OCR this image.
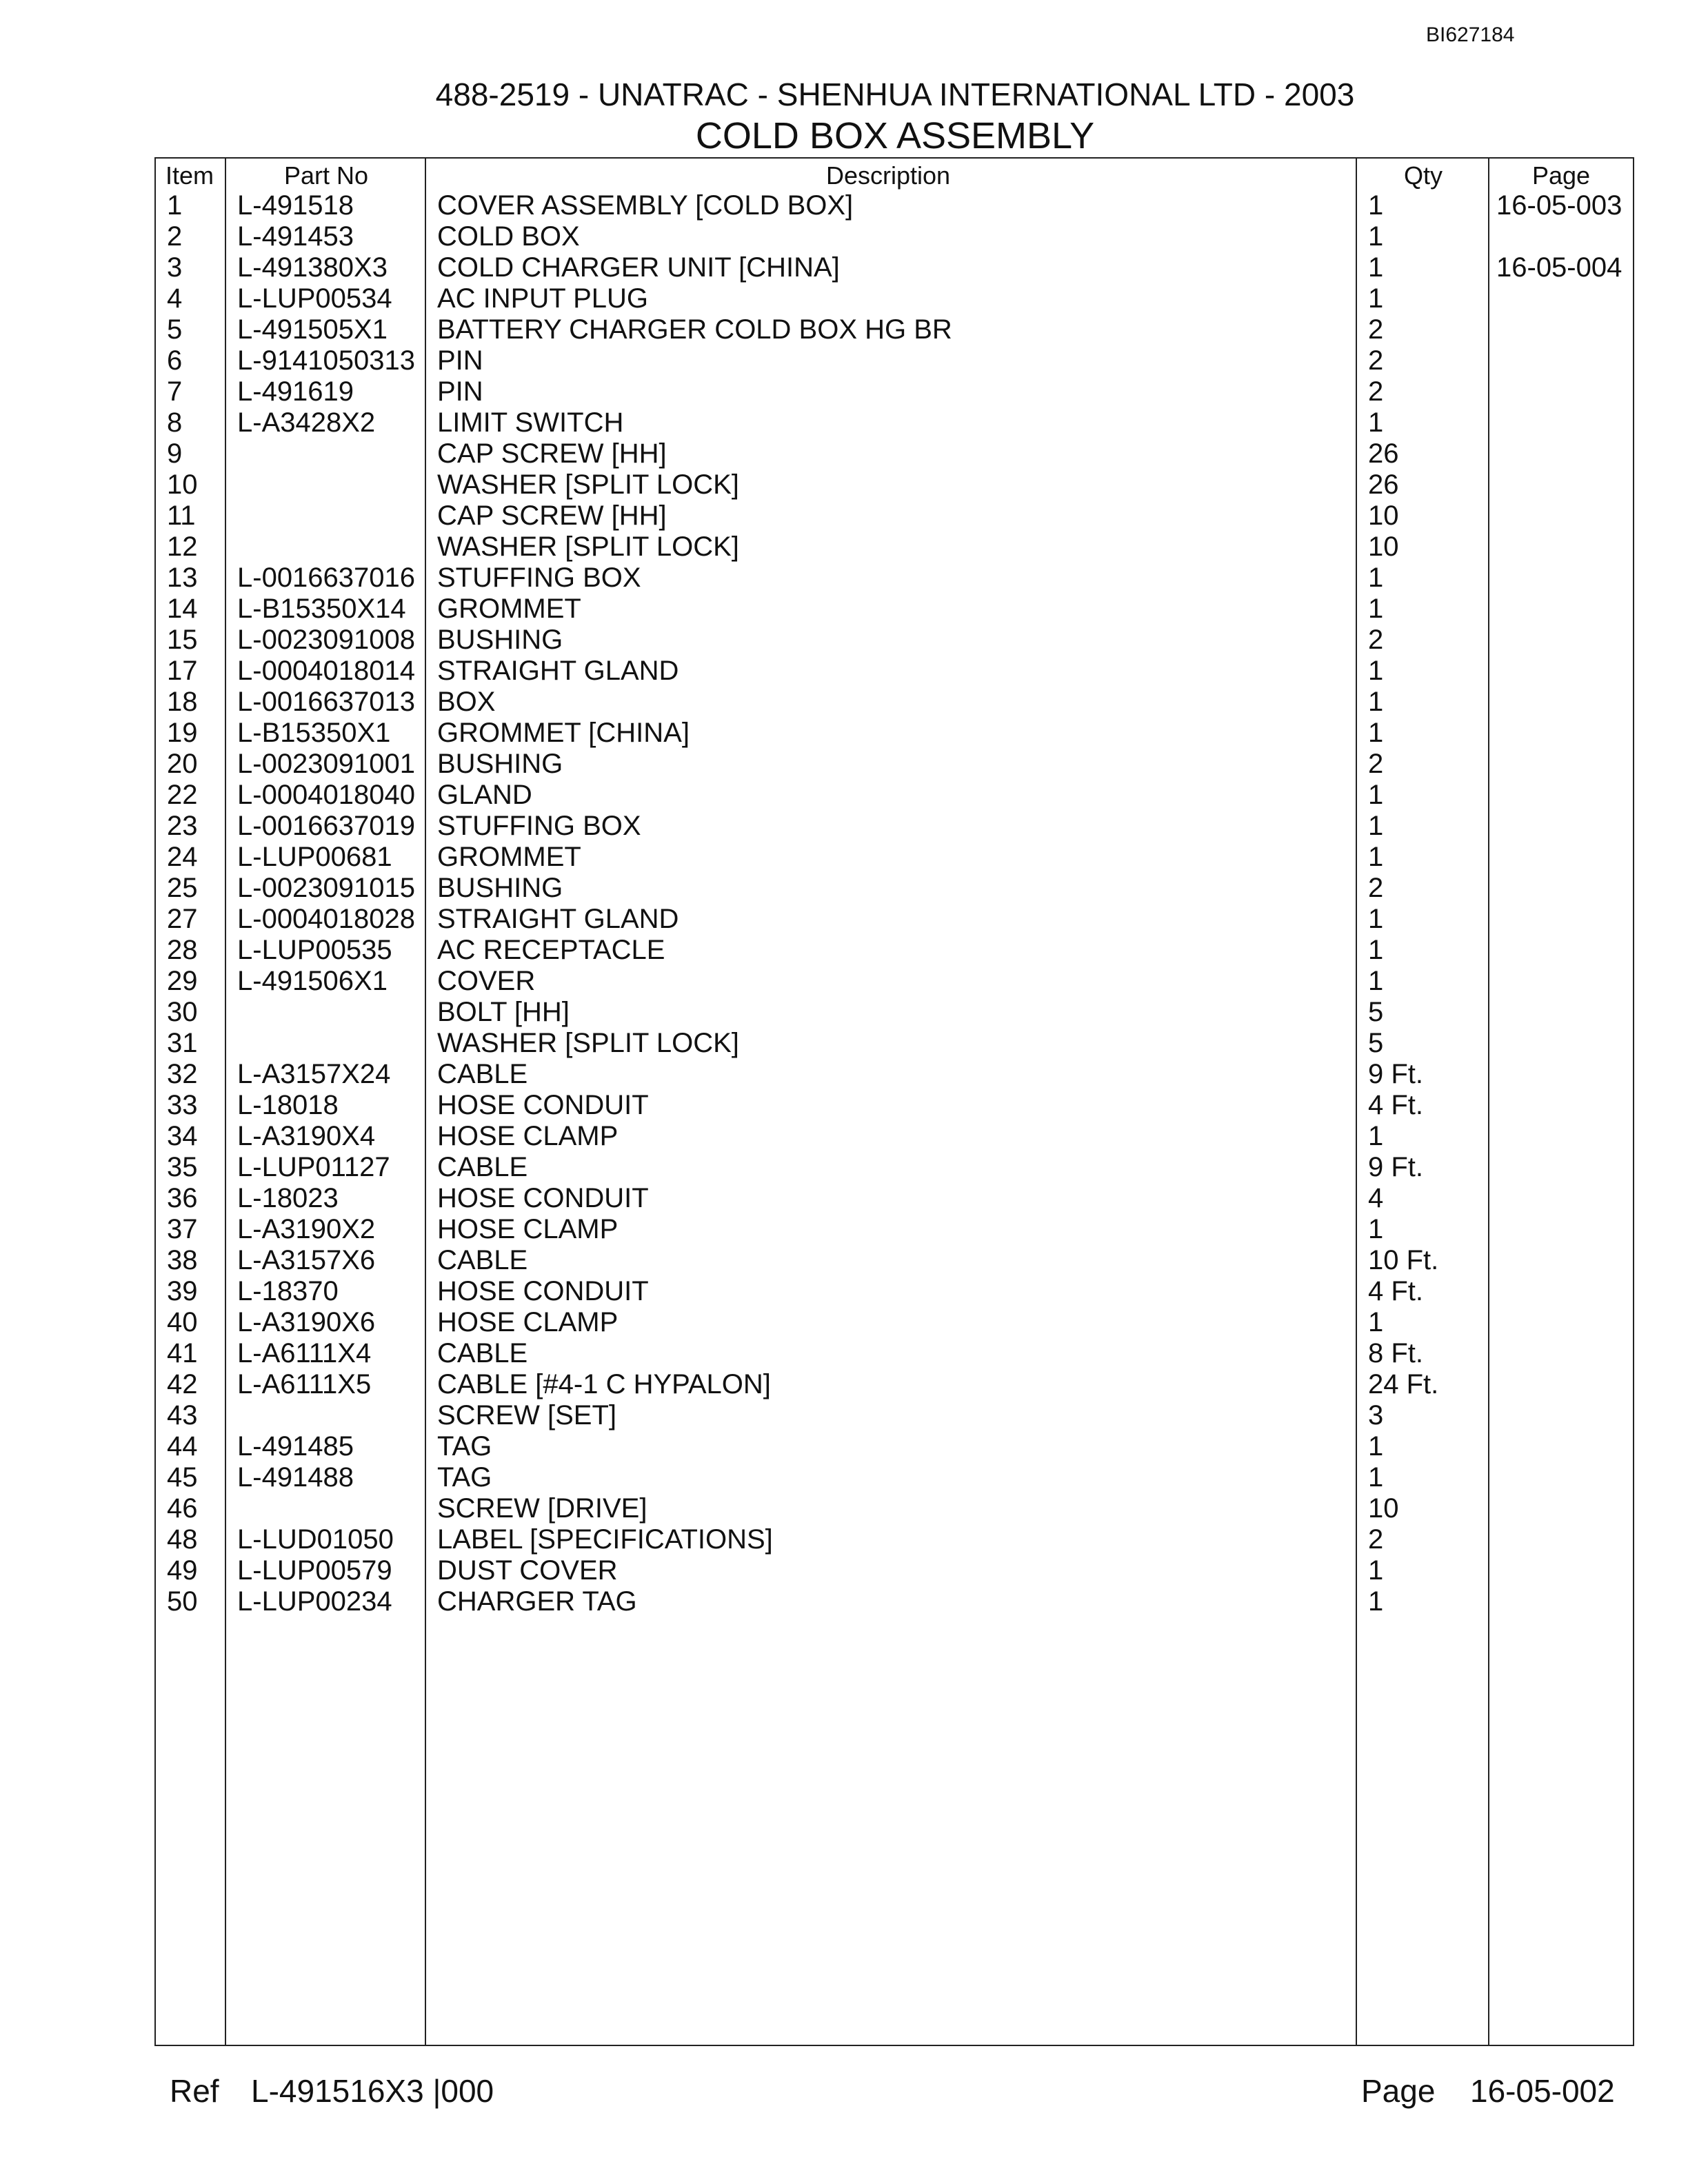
BI627184
488-2519 - UNATRAC - SHENHUA INTERNATIONAL LTD - 2003
COLD BOX ASSEMBLY
Item	Part No	Description	Qty	Page
1 L-491518	COVER ASSEMBLY [COLD BOX]	1	16-05-003
2 L-491453	COLD BOX	1
3 L-491380X3 COLD CHARGER UNIT [CHINA]	1	16-05-004
4 L-LUP00534 AC INPUT PLUG	1
5 L-491505X1 BATTERY CHARGER COLD BOX HG BR	2
6 L-9141050313 PIN	2
7 L-491619	PIN	2
8 L-A3428X2 LIMIT SWITCH	1
9	CAP SCREW [HH]	26
10	WASHER [SPLIT LOCK]	26
11	CAP SCREW [HH]	10
12	WASHER [SPLIT LOCK]	10
13 L-0016637016 STUFFING BOX	1
14 L-B15350X14 GROMMET	1
15 L-0023091008 BUSHING	2
17 L-0004018014 STRAIGHT GLAND	1
18 L-0016637013 BOX	1
19 L-B15350X1 GROMMET [CHINA]	1
20 L-0023091001 BUSHING	2
22 L-0004018040 GLAND	1
23 L-0016637019 STUFFING BOX	1
24 L-LUP00681 GROMMET	1
25 L-0023091015 BUSHING	2
27 L-0004018028 STRAIGHT GLAND	1
28 L-LUP00535 AC RECEPTACLE	1
29 L-491506X1 COVER	1
30	BOLT [HH]	5
31	WASHER [SPLIT LOCK]	5
32 L-A3157X24 CABLE	9 Ft.
33 L-18018	HOSE CONDUIT	4 Ft.
34 L-A3190X4 HOSE CLAMP	1
35 L-LUP01127 CABLE	9 Ft.
36 L-18023	HOSE CONDUIT	4
37 L-A3190X2 HOSE CLAMP	1
38 L-A3157X6 CABLE	10 Ft.
39 L-18370	HOSE CONDUIT	4 Ft.
40 L-A3190X6 HOSE CLAMP	1
41 L-A6111X4 CABLE	8 Ft.
42 L-A6111X5 CABLE [#4-1 C HYPALON]	24 Ft.
43	SCREW [SET]	3
44 L-491485	TAG	1
45 L-491488	TAG	1
46	SCREW [DRIVE]	10
48 L-LUD01050 LABEL [SPECIFICATIONS]	2
49 L-LUP00579 DUST COVER	1
50 L-LUP00234 CHARGER TAG	1
Ref L-491516X3 |000	Page 16-05-002
